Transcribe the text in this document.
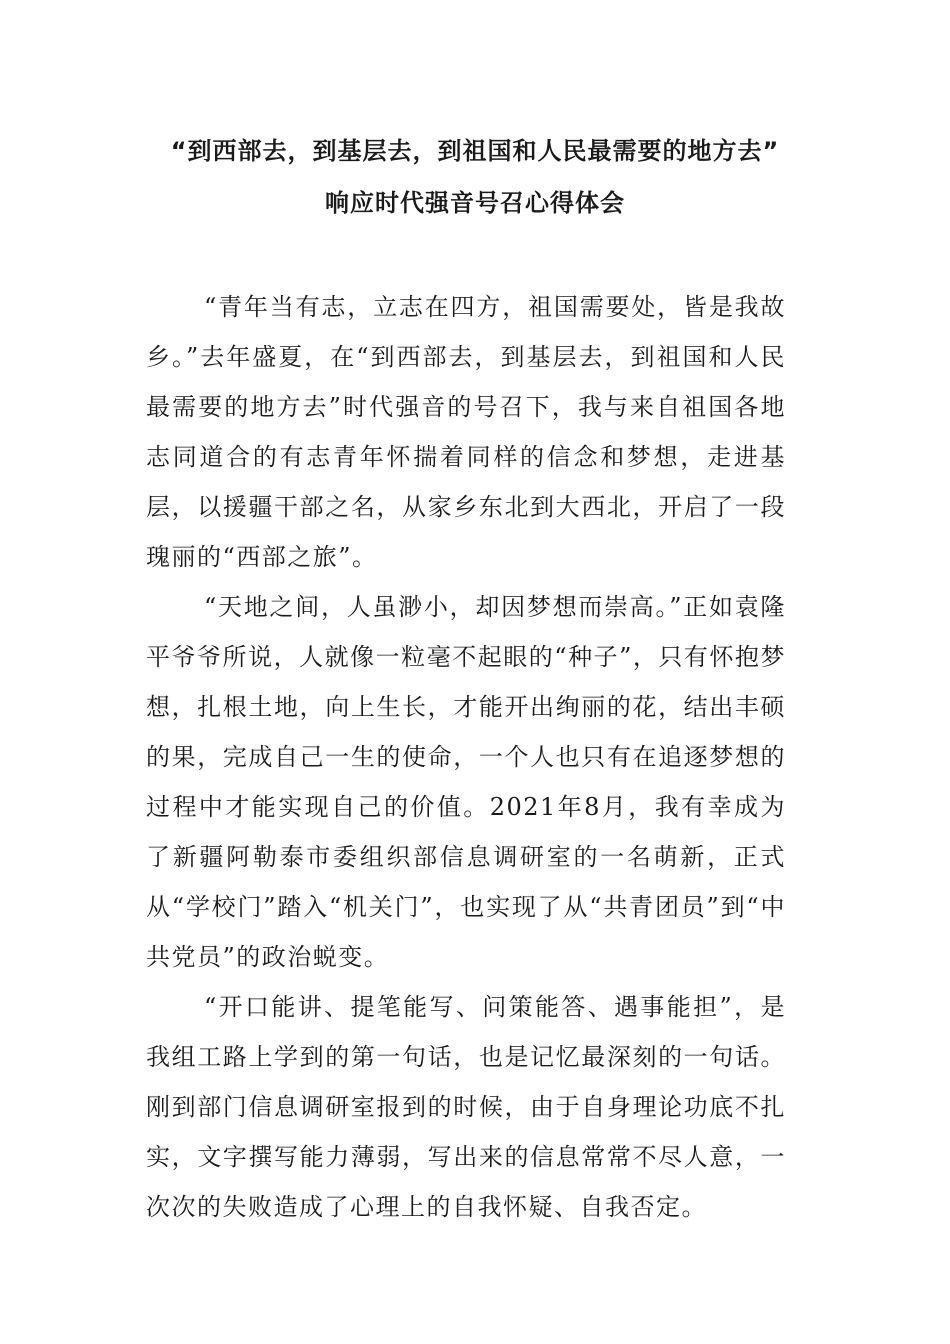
“到西部去，到基层去，到祖国和人民最需要的地方去”
响应时代强音号召心得体会

“青年当有志，立志在四方，祖国需要处，皆是我故乡。”去年盛夏，在“到西部去，到基层去，到祖国和人民最需要的地方去”时代强音的号召下，我与来自祖国各地志同道合的有志青年怀揣着同样的信念和梦想，走进基层，以援疆干部之名，从家乡东北到大西北，开启了一段瑰丽的“西部之旅”。

“天地之间，人虽渺小，却因梦想而崇高。”正如袁隆平爷爷所说，人就像一粒毫不起眼的“种子”，只有怀抱梦想，扎根土地，向上生长，才能开出绚丽的花，结出丰硕的果，完成自己一生的使命，一个人也只有在追逐梦想的过程中才能实现自己的价值。2021年8月，我有幸成为了新疆阿勒泰市委组织部信息调研室的一名萌新，正式从“学校门”踏入“机关门”，也实现了从“共青团员”到“中共党员”的政治蜕变。

“开口能讲、提笔能写、问策能答、遇事能担”，是我组工路上学到的第一句话，也是记忆最深刻的一句话。刚到部门信息调研室报到的时候，由于自身理论功底不扎实，文字撰写能力薄弱，写出来的信息常常不尽人意，一次次的失败造成了心理上的自我怀疑、自我否定。
